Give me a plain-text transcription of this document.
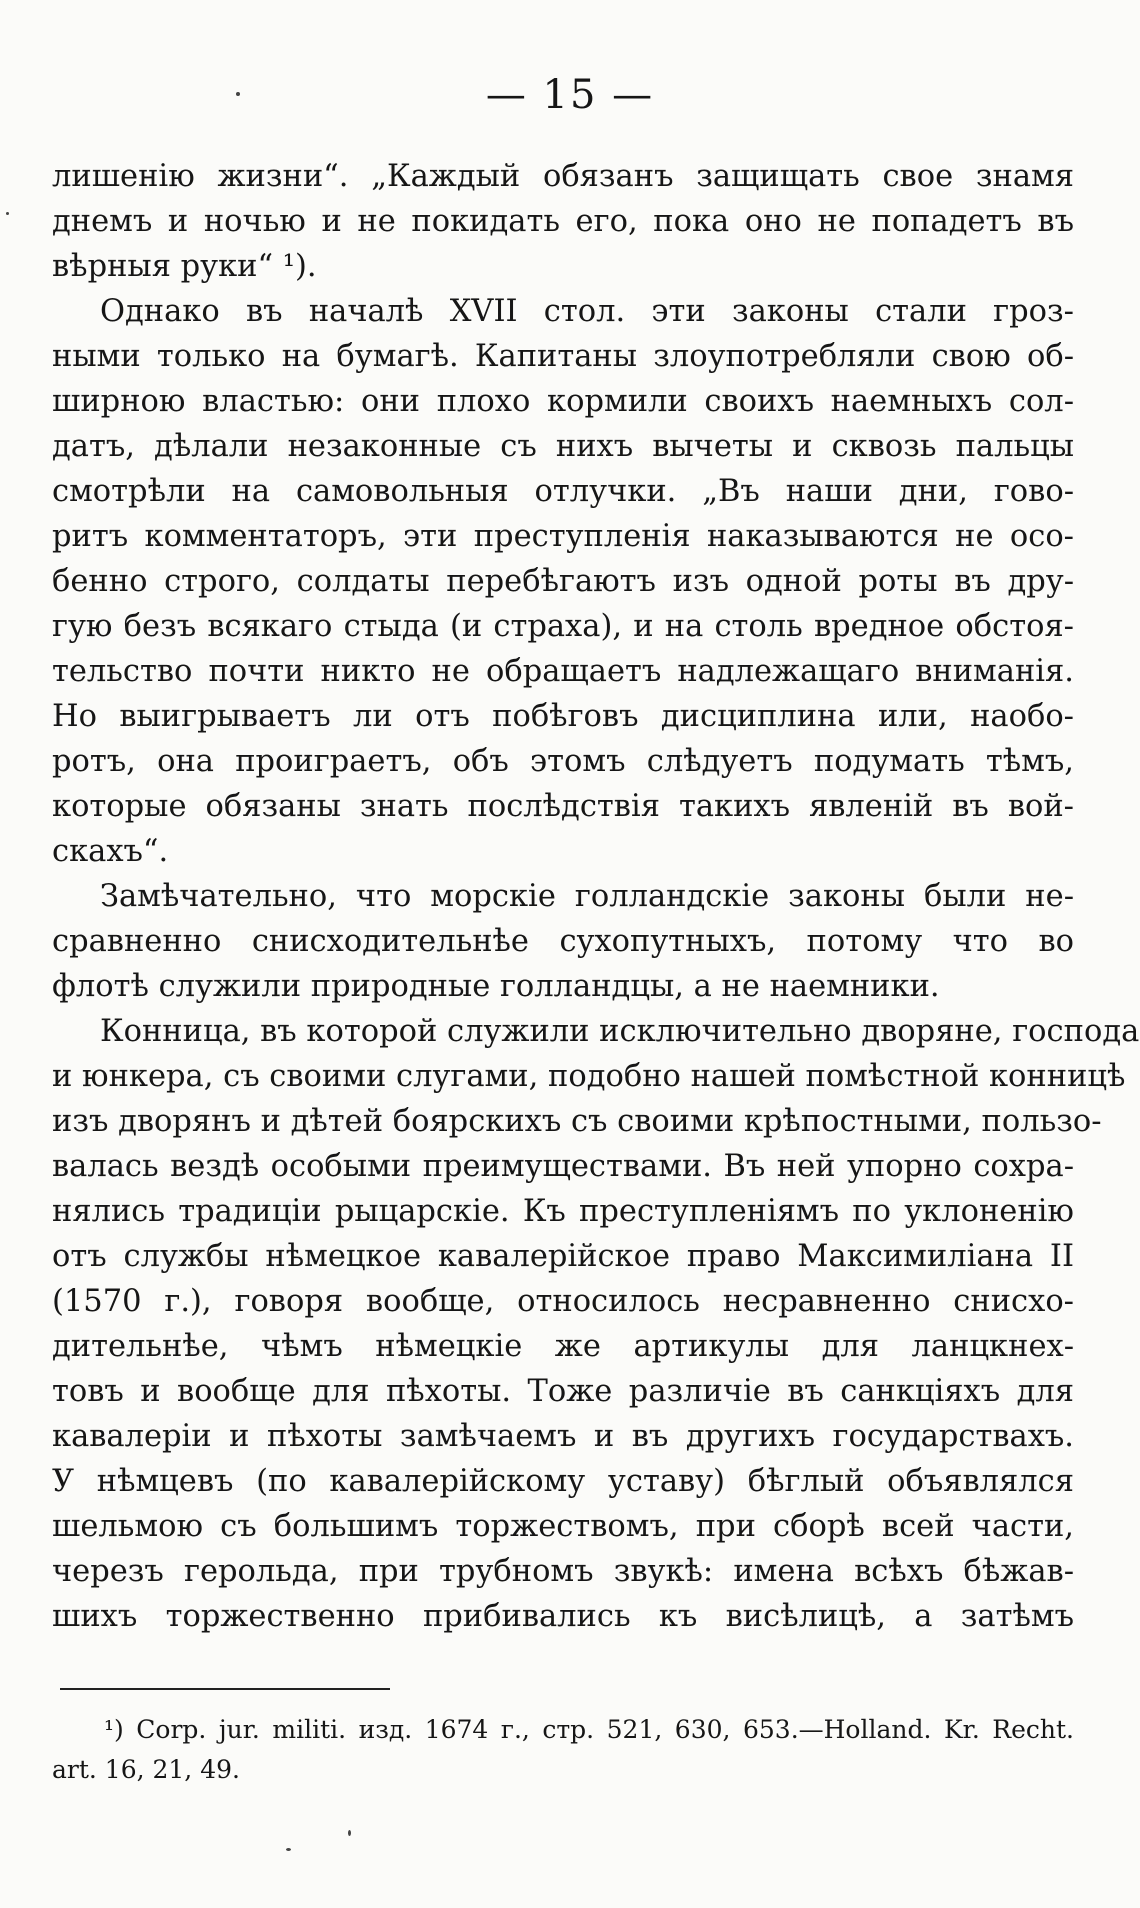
— 15 —
лишенію жизни“. „Каждый обязанъ защищать свое знамя
днемъ и ночью и не покидать его, пока оно не попадетъ въ
вѣрныя руки“ ¹).
Однако въ началѣ XVII стол. эти законы стали гроз-
ными только на бумагѣ. Капитаны злоупотребляли свою об-
ширною властью: они плохо кормили своихъ наемныхъ сол-
датъ, дѣлали незаконные съ нихъ вычеты и сквозь пальцы
смотрѣли на самовольныя отлучки. „Въ наши дни, гово-
ритъ комментаторъ, эти преступленія наказываются не осо-
бенно строго, солдаты перебѣгаютъ изъ одной роты въ дру-
гую безъ всякаго стыда (и страха), и на столь вредное обстоя-
тельство почти никто не обращаетъ надлежащаго вниманія.
Но выигрываетъ ли отъ побѣговъ дисциплина или, наобо-
ротъ, она проиграетъ, объ этомъ слѣдуетъ подумать тѣмъ,
которые обязаны знать послѣдствія такихъ явленій въ вой-
скахъ“.
Замѣчательно, что морскіе голландскіе законы были не-
сравненно снисходительнѣе сухопутныхъ, потому что во
флотѣ служили природные голландцы, а не наемники.
Конница, въ которой служили исключительно дворяне, господа
и юнкера, съ своими слугами, подобно нашей помѣстной конницѣ
изъ дворянъ и дѣтей боярскихъ съ своими крѣпостными, пользо-
валась вездѣ особыми преимуществами. Въ ней упорно сохра-
нялись традиціи рыцарскіе. Къ преступленіямъ по уклоненію
отъ службы нѣмецкое кавалерійское право Максимиліана II
(1570 г.), говоря вообще, относилось несравненно снисхо-
дительнѣе, чѣмъ нѣмецкіе же артикулы для ланцкнех-
товъ и вообще для пѣхоты. Тоже различіе въ санкціяхъ для
кавалеріи и пѣхоты замѣчаемъ и въ другихъ государствахъ.
У нѣмцевъ (по кавалерійскому уставу) бѣглый объявлялся
шельмою съ большимъ торжествомъ, при сборѣ всей части,
черезъ герольда, при трубномъ звукѣ: имена всѣхъ бѣжав-
шихъ торжественно прибивались къ висѣлицѣ, а затѣмъ
¹) Corp. jur. militi. изд. 1674 г., стр. 521, 630, 653.—Holland. Kr. Recht.
art. 16, 21, 49.
